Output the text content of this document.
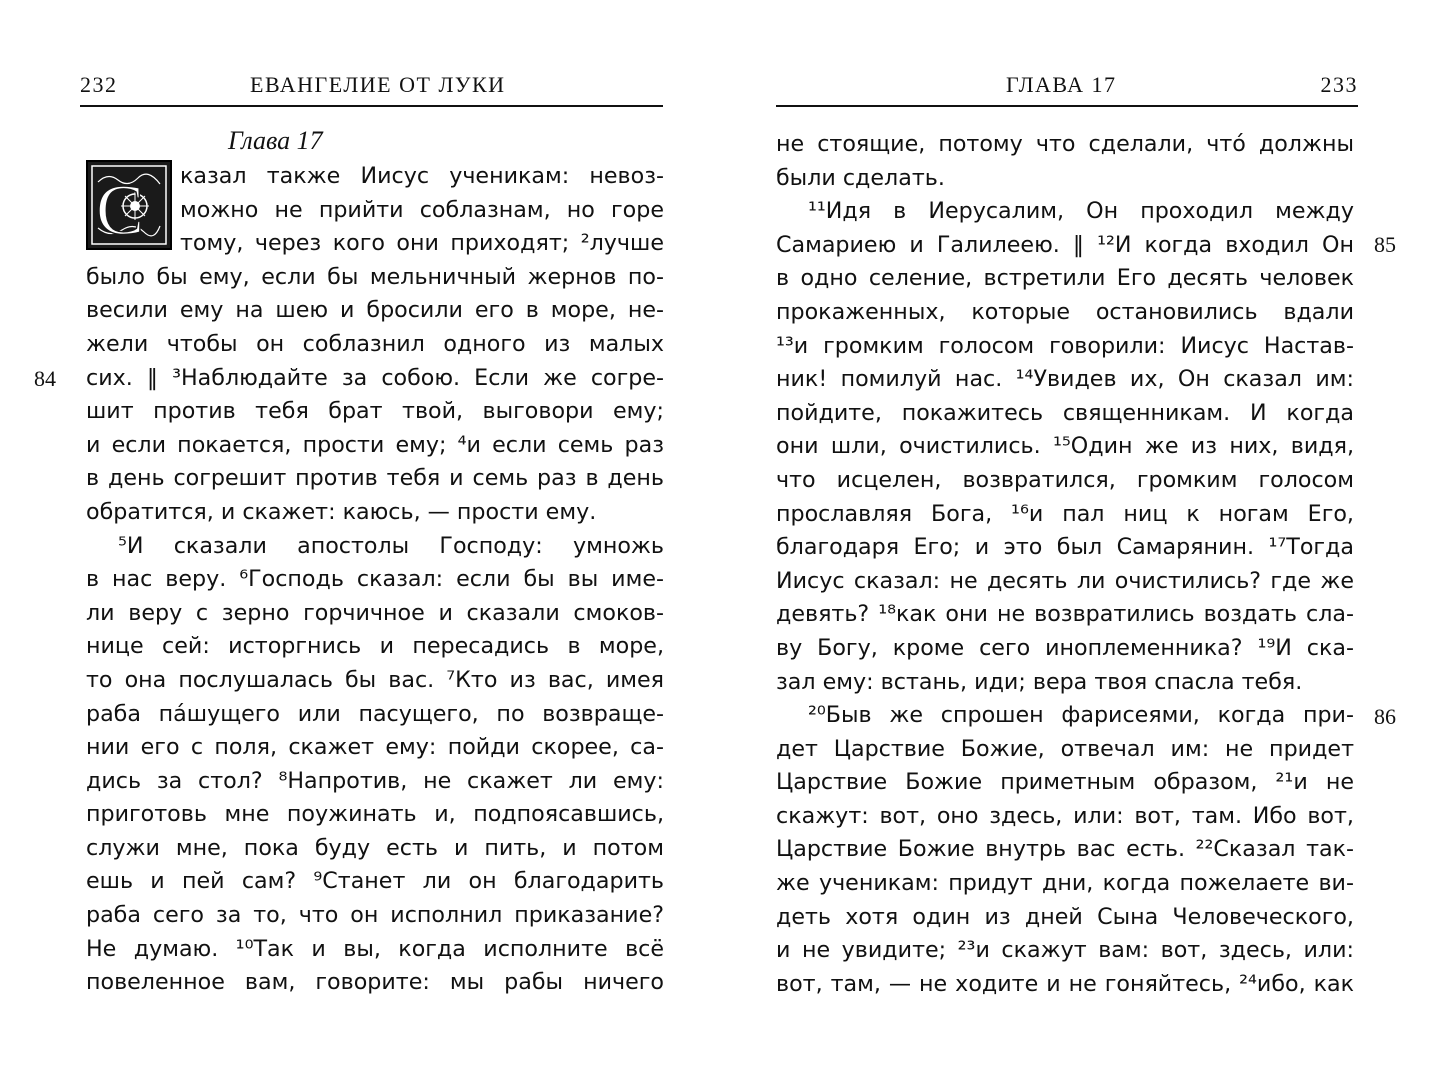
232	ЕВАНГЕЛИЕ ОТ ЛУКИ
Глава 17
С
84
казал также Иисус ученикам: невоз-
можно не прийти соблазнам, но горе
тому, через кого они приходят; ²лучше
было бы ему, если бы мельничный жернов по-
весили ему на шею и бросили его в море, не-
жели чтобы он соблазнил одного из малых
сих. ‖ ³Наблюдайте за собою. Если же согре-
шит против тебя брат твой, выговори ему;
и если покается, прости ему; ⁴и если семь раз
в день согрешит против тебя и семь раз в день
обратится, и скажет: каюсь, — прости ему.
⁵И сказали апостолы Господу: умножь
в нас веру. ⁶Господь сказал: если бы вы име-
ли веру с зерно горчичное и сказали смоков-
нице сей: исторгнись и пересадись в море,
то она послушалась бы вас. ⁷Кто из вас, имея
раба па́шущего или пасущего, по возвраще-
нии его с поля, скажет ему: пойди скорее, са-
дись за стол? ⁸Напротив, не скажет ли ему:
приготовь мне поужинать и, подпоясавшись,
служи мне, пока буду есть и пить, и потом
ешь и пей сам? ⁹Станет ли он благодарить
раба сего за то, что он исполнил приказание?
Не думаю. ¹⁰Так и вы, когда исполните всё
повеленное вам, говорите: мы рабы ничего
ГЛАВА 17	233
85
86
не стоящие, потому что сделали, что́ должны
были сделать.
¹¹Идя в Иерусалим, Он проходил между
Самариею и Галилеею. ‖ ¹²И когда входил Он
в одно селение, встретили Его десять человек
прокаженных, которые остановились вдали
¹³и громким голосом говорили: Иисус Настав-
ник! помилуй нас. ¹⁴Увидев их, Он сказал им:
пойдите, покажитесь священникам. И когда
они шли, очистились. ¹⁵Один же из них, видя,
что исцелен, возвратился, громким голосом
прославляя Бога, ¹⁶и пал ниц к ногам Его,
благодаря Его; и это был Самарянин. ¹⁷Тогда
Иисус сказал: не десять ли очистились? где же
девять? ¹⁸как они не возвратились воздать сла-
ву Богу, кроме сего иноплеменника? ¹⁹И ска-
зал ему: встань, иди; вера твоя спасла тебя.
²⁰Быв же спрошен фарисеями, когда при-
дет Царствие Божие, отвечал им: не придет
Царствие Божие приметным образом, ²¹и не
скажут: вот, оно здесь, или: вот, там. Ибо вот,
Царствие Божие внутрь вас есть. ²²Сказал так-
же ученикам: придут дни, когда пожелаете ви-
деть хотя один из дней Сына Человеческого,
и не увидите; ²³и скажут вам: вот, здесь, или:
вот, там, — не ходите и не гоняйтесь, ²⁴ибо, как
